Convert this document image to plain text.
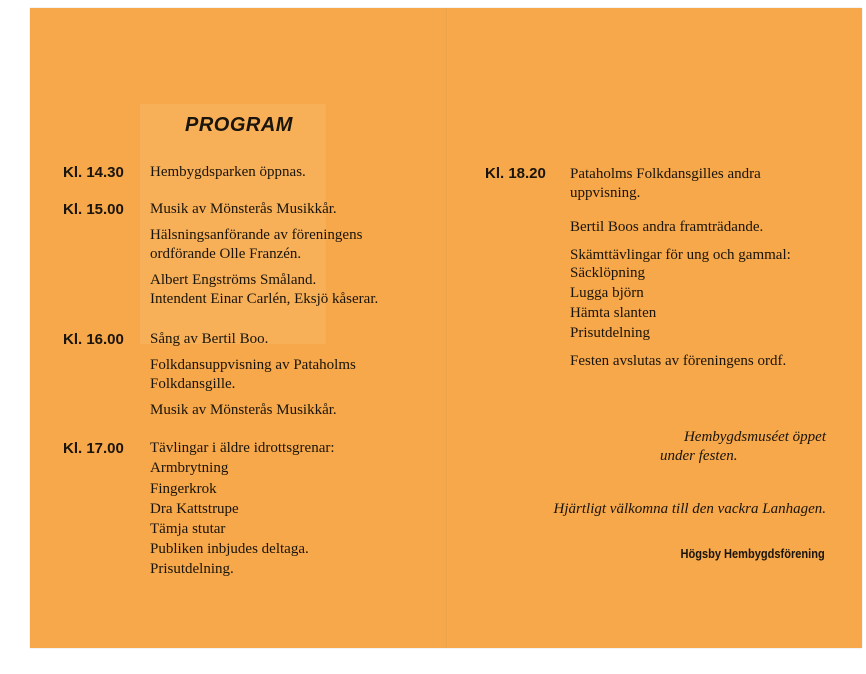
PROGRAM
Kl. 14.30 Hembygdsparken öppnas.
Kl. 15.00 Musik av Mönsterås Musikkår.
Hälsningsanförande av föreningens
ordförande Olle Franzén.
Albert Engströms Småland.
Intendent Einar Carlén, Eksjö kåserar.
Kl. 16.00 Sång av Bertil Boo.
Folkdansuppvisning av Pataholms
Folkdansgille.
Musik av Mönsterås Musikkår.
Kl. 17.00 Tävlingar i äldre idrottsgrenar:
Armbrytning
Fingerkrok
Dra Kattstrupe
Tämja stutar
Publiken inbjudes deltaga.
Prisutdelning.
Kl. 18.20 Pataholms Folkdansgilles andra
uppvisning.
Bertil Boos andra framträdande.
Skämttävlingar för ung och gammal:
Säcklöpning
Lugga björn
Hämta slanten
Prisutdelning
Festen avslutas av föreningens ordf.
Hembygdsmuséet öppet
under festen.
Hjärtligt välkomna till den vackra Lanhagen.
Högsby Hembygdsförening
